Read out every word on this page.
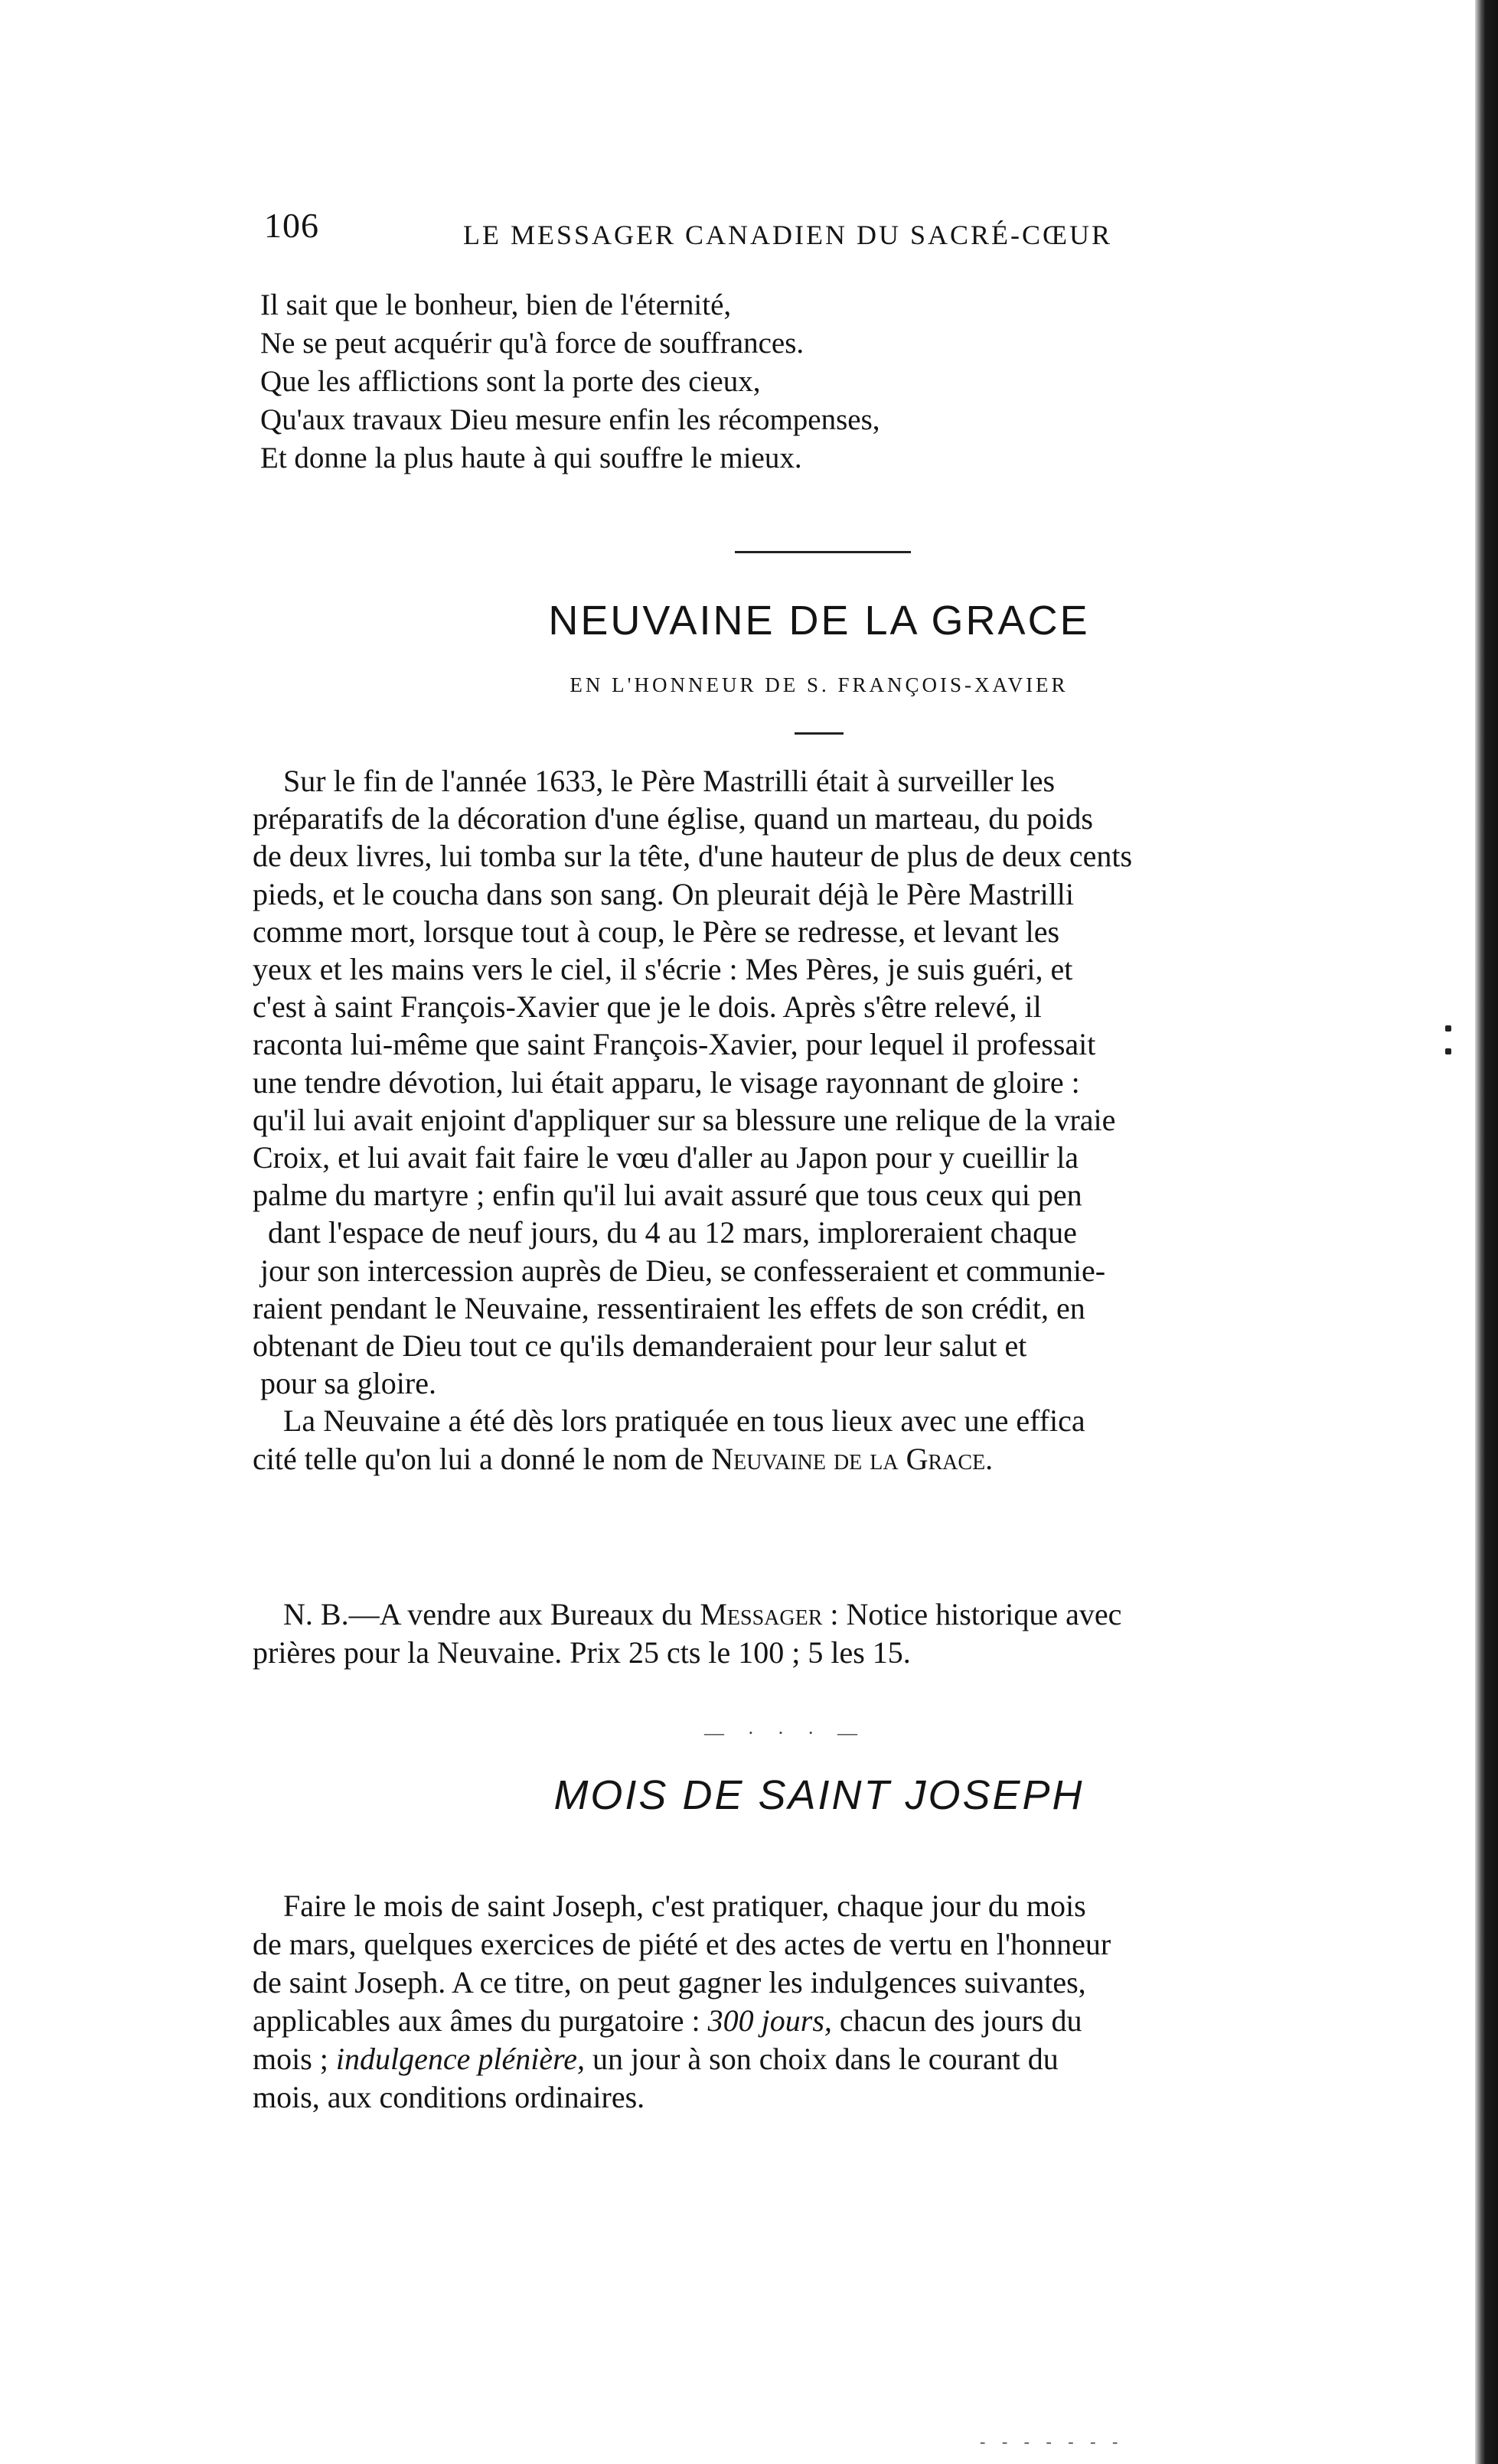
106	LE MESSAGER CANADIEN DU SACRÉ-CŒUR
Il sait que le bonheur, bien de l'éternité,
Ne se peut acquérir qu'à force de souffrances.
Que les afflictions sont la porte des cieux,
Qu'aux travaux Dieu mesure enfin les récompenses,
Et donne la plus haute à qui souffre le mieux.
NEUVAINE DE LA GRACE
EN L'HONNEUR DE S. FRANÇOIS-XAVIER
Sur le fin de l'année 1633, le Père Mastrilli était à surveiller les
préparatifs de la décoration d'une église, quand un marteau, du poids
de deux livres, lui tomba sur la tête, d'une hauteur de plus de deux cents
pieds, et le coucha dans son sang. On pleurait déjà le Père Mastrilli
comme mort, lorsque tout à coup, le Père se redresse, et levant les
yeux et les mains vers le ciel, il s'écrie : Mes Pères, je suis guéri, et
c'est à saint François-Xavier que je le dois. Après s'être relevé, il
raconta lui-même que saint François-Xavier, pour lequel il professait
une tendre dévotion, lui était apparu, le visage rayonnant de gloire :
qu'il lui avait enjoint d'appliquer sur sa blessure une relique de la vraie
Croix, et lui avait fait faire le vœu d'aller au Japon pour y cueillir la
palme du martyre ; enfin qu'il lui avait assuré que tous ceux qui pen
dant l'espace de neuf jours, du 4 au 12 mars, imploreraient chaque
jour son intercession auprès de Dieu, se confesseraient et communie-
raient pendant le Neuvaine, ressentiraient les effets de son crédit, en
obtenant de Dieu tout ce qu'ils demanderaient pour leur salut et
pour sa gloire.
La Neuvaine a été dès lors pratiquée en tous lieux avec une effica
cité telle qu'on lui a donné le nom de Neuvaine de la Grace.
N. B.—A vendre aux Bureaux du Messager : Notice historique avec
prières pour la Neuvaine. Prix 25 cts le 100 ; 5 les 15.
— · · · —
MOIS DE SAINT JOSEPH
Faire le mois de saint Joseph, c'est pratiquer, chaque jour du mois
de mars, quelques exercices de piété et des actes de vertu en l'honneur
de saint Joseph. A ce titre, on peut gagner les indulgences suivantes,
applicables aux âmes du purgatoire : 300 jours, chacun des jours du
mois ; indulgence plénière, un jour à son choix dans le courant du
mois, aux conditions ordinaires.
- - - - - - -
